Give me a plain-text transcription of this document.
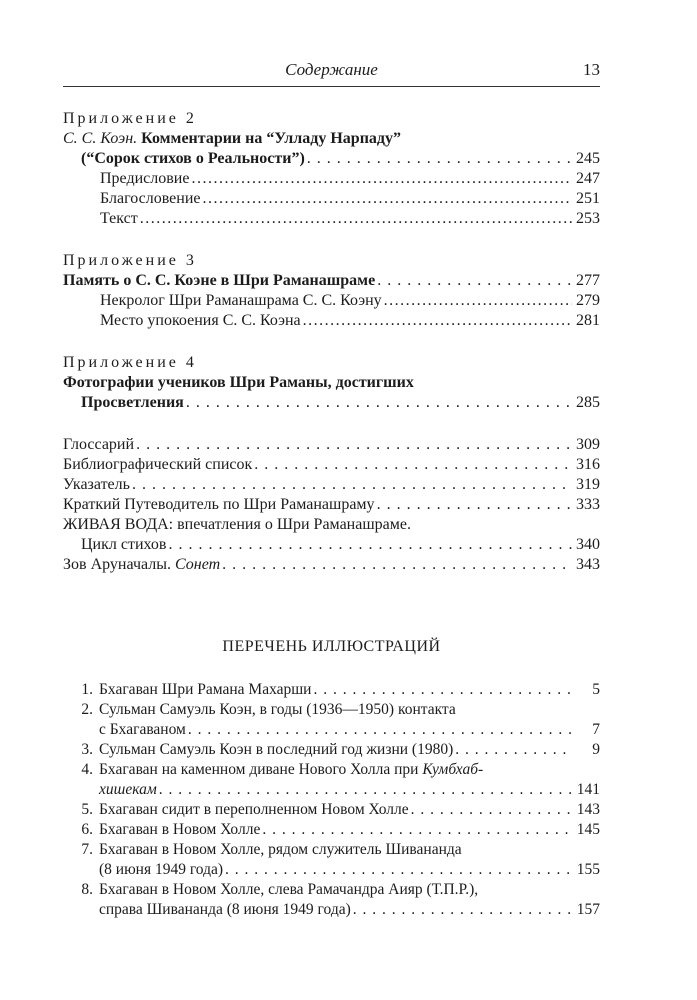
Содержание	13
Приложение 2
С. С. Коэн.
Комментарии на “Улладу Нарпаду”
(“Сорок стихов о Реальности”) . . .	245
Предисловие .....	247
Благословение .....	251
Текст .....	253
Приложение 3
Память о С. С. Коэне в Шри Раманашраме . . .	277
Некролог Шри Раманашрама С. С. Коэну .....	279
Место упокоения С. С. Коэна .....	281
Приложение 4
Фотографии учеников Шри Раманы, достигших
Просветления . . .	285
Глоссарий . . .	309
Библиографический список . . .	316
Указатель . . .	319
Краткий Путеводитель по Шри Раманашраму . . .	333
ЖИВАЯ ВОДА: впечатления о Шри Раманашраме.
Цикл стихов . . .	340
Зов Аруначалы.
Сонет . . .	343
ПЕРЕЧЕНЬ ИЛЛЮСТРАЦИЙ
1. Бхагаван Шри Рамана Махарши . . .	5
2. Сульман Самуэль Коэн, в годы (1936—1950) контакта
с Бхагаваном . . .	7
3. Сульман Самуэль Коэн в последний год жизни (1980) . . .	9
4. Бхагаван на каменном диване Нового Холла при
Кумбхаб-
хишекам . . .	141
5. Бхагаван сидит в переполненном Новом Холле . . .	143
6. Бхагаван в Новом Холле . . .	145
7. Бхагаван в Новом Холле, рядом служитель Шивананда
(8 июня 1949 года) . . .	155
8. Бхагаван в Новом Холле, слева Рамачандра Аияр (Т.П.Р.),
справа Шивананда (8 июня 1949 года) . . .	157
